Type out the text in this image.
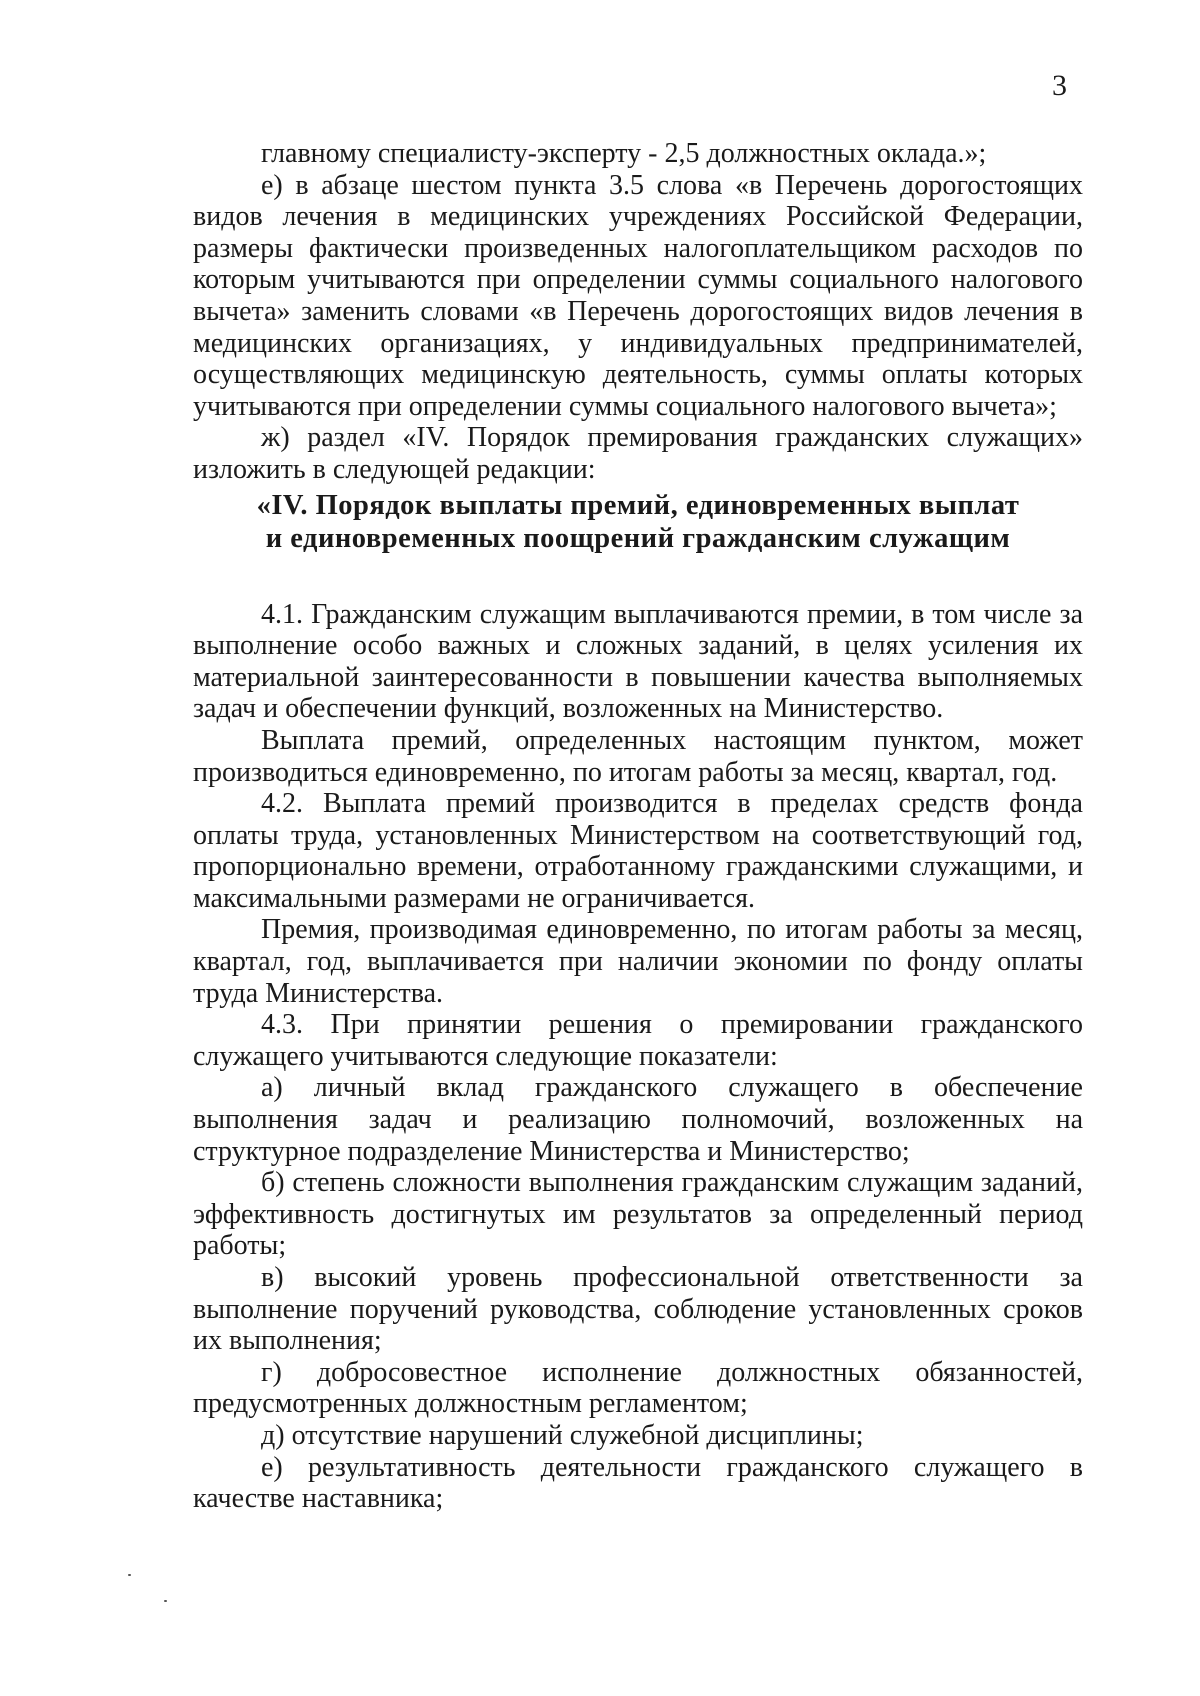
3

главному специалисту-эксперту - 2,5 должностных оклада.»;

е) в абзаце шестом пункта 3.5 слова «в Перечень дорогостоящих видов лечения в медицинских учреждениях Российской Федерации, размеры фактически произведенных налогоплательщиком расходов по которым учитываются при определении суммы социального налогового вычета» заменить словами «в Перечень дорогостоящих видов лечения в медицинских организациях, у индивидуальных предпринимателей, осуществляющих медицинскую деятельность, суммы оплаты которых учитываются при определении суммы социального налогового вычета»;

ж) раздел «IV. Порядок премирования гражданских служащих» изложить в следующей редакции:

«IV. Порядок выплаты премий, единовременных выплат
и единовременных поощрений гражданским служащим

4.1. Гражданским служащим выплачиваются премии, в том числе за выполнение особо важных и сложных заданий, в целях усиления их материальной заинтересованности в повышении качества выполняемых задач и обеспечении функций, возложенных на Министерство.

Выплата премий, определенных настоящим пунктом, может производиться единовременно, по итогам работы за месяц, квартал, год.

4.2. Выплата премий производится в пределах средств фонда оплаты труда, установленных Министерством на соответствующий год, пропорционально времени, отработанному гражданскими служащими, и максимальными размерами не ограничивается.

Премия, производимая единовременно, по итогам работы за месяц, квартал, год, выплачивается при наличии экономии по фонду оплаты труда Министерства.

4.3. При принятии решения о премировании гражданского служащего учитываются следующие показатели:

а) личный вклад гражданского служащего в обеспечение выполнения задач и реализацию полномочий, возложенных на структурное подразделение Министерства и Министерство;

б) степень сложности выполнения гражданским служащим заданий, эффективность достигнутых им результатов за определенный период работы;

в) высокий уровень профессиональной ответственности за выполнение поручений руководства, соблюдение установленных сроков их выполнения;

г) добросовестное исполнение должностных обязанностей, предусмотренных должностным регламентом;

д) отсутствие нарушений служебной дисциплины;

е) результативность деятельности гражданского служащего в качестве наставника;
